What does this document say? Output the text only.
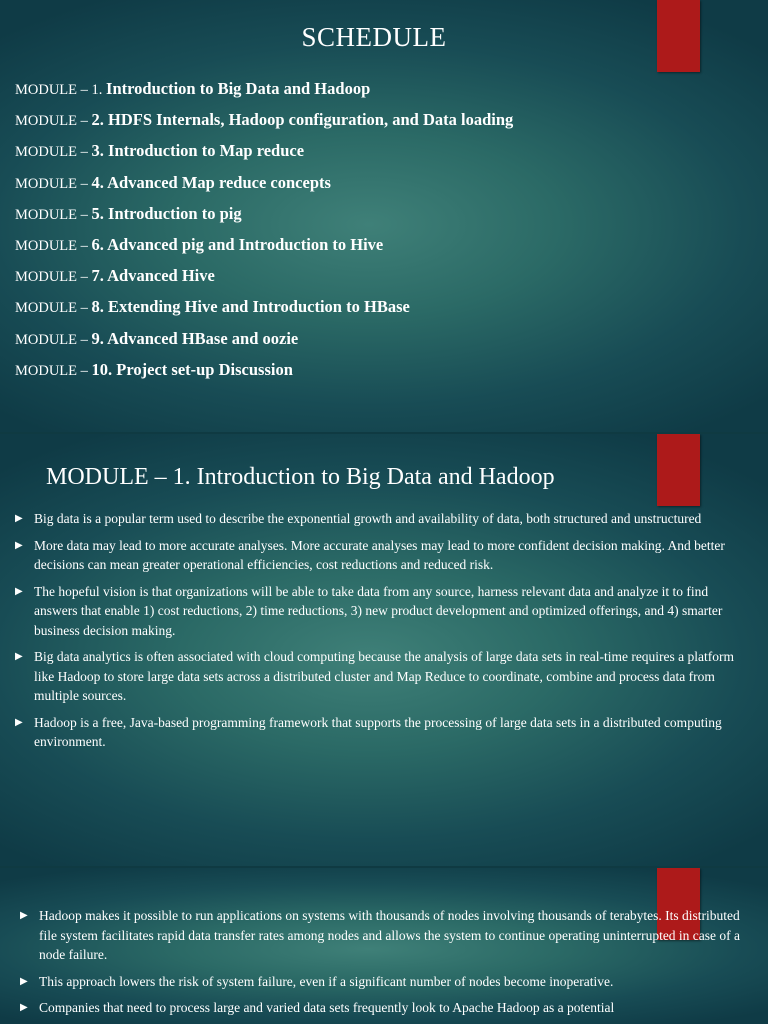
SCHEDULE
MODULE – 1. Introduction to Big Data and Hadoop
MODULE – 2. HDFS Internals, Hadoop configuration, and Data loading
MODULE – 3. Introduction to Map reduce
MODULE – 4. Advanced Map reduce concepts
MODULE – 5. Introduction to pig
MODULE – 6. Advanced pig and Introduction to Hive
MODULE – 7. Advanced Hive
MODULE – 8. Extending Hive and Introduction to HBase
MODULE – 9. Advanced HBase and oozie
MODULE – 10. Project set-up Discussion
MODULE – 1. Introduction to Big Data and Hadoop
▶ Big data is a popular term used to describe the exponential growth and availability of data, both structured and unstructured
▶ More data may lead to more accurate analyses. More accurate analyses may lead to more confident decision making. And better decisions can mean greater operational efficiencies, cost reductions and reduced risk.
▶ The hopeful vision is that organizations will be able to take data from any source, harness relevant data and analyze it to find answers that enable 1) cost reductions, 2) time reductions, 3) new product development and optimized offerings, and 4) smarter business decision making.
▶ Big data analytics is often associated with cloud computing because the analysis of large data sets in real-time requires a platform like Hadoop to store large data sets across a distributed cluster and Map Reduce to coordinate, combine and process data from multiple sources.
▶ Hadoop is a free, Java-based programming framework that supports the processing of large data sets in a distributed computing environment.
▶ Hadoop makes it possible to run applications on systems with thousands of nodes involving thousands of terabytes. Its distributed file system facilitates rapid data transfer rates among nodes and allows the system to continue operating uninterrupted in case of a node failure.
▶ This approach lowers the risk of system failure, even if a significant number of nodes become inoperative.
▶ Companies that need to process large and varied data sets frequently look to Apache Hadoop as a potential
